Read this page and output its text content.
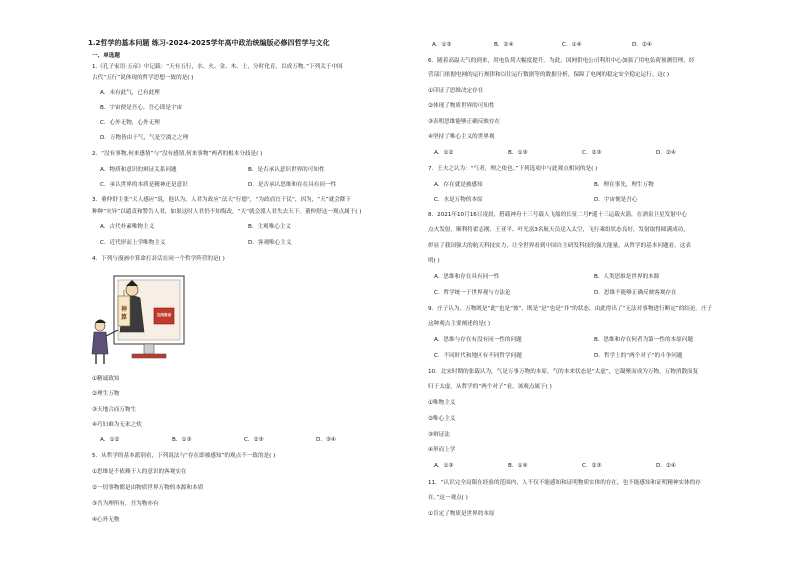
1.2哲学的基本问题 练习-2024-2025学年高中政治统编版必修四哲学与文化
一、单选题
1.《孔子家语·五帝》中记载：“天有五行，水、火、金、木、土，分时化育，以成万物。”下列关于中国
古代“五行”说体现的哲学思想一致的是( )
A．未有此气，已有此理
B．宇宙便是吾心，吾心即是宇宙
C．心外无物，心外无理
D．万物皆由于气，气是空淌之之理
2．“没有事物,何来感情”与“没有感情,何来事物”两者的根本分歧是( )
A．物质和意识的辩证关系问题	B．是否承认意识世界的可知性
C．承认世界的本质是精神还是意识	D．是否承认思维和存在具有同一性
3．董仲舒主张“天人感应”说，他认为，人君为政应“法天”行德”，“为政而宜于民”，因为，“天”就会降下
种种“灾异”以谴责和警告人君，如果这时人君仍不知悔改，“天”就会派人君失去天下。董仲舒这一观点属于( )
A．古代朴素唯物主义	B．主观唯心主义
C．近代形而上学唯物主义	D．客观唯心主义
4．下列与漫画中算命打卦活在同一个哲学阵营的是( )
神
算	在线算命
①精诚致知
②理生万物
③天地合而万物生
④巧妇难为无米之炊
A．①②	B．①③	C．②③	D．③④
5．从哲学的基本派别看，下列说法与“存在即被感知”的观点不一致的是( )
①思维是不依赖于人的意识的客观实在
②一切事物都是由物质世界万物的本源和本质
③吾为理所有，吾为物亦有
④心外无物
A．①③	B．②④	C．①④	D．②④
6．随着高温天气的到来，用电负荷大幅度提升。为此，国网供电公司利用中心加强了用电负荷预测管理，经
营部门依据电网的运行规律和以往运行数据等的数据分析，保障了电网的稳定安全稳定运行。这( )
①印证了思维决定存在
②体现了物质世界的可知性
③表明思维能够正确反映存在
④坚持了唯心主义的世界观
A．①②	B．①③	C．②③	D．②④
7．王夫之认为：“气者，理之依也。”下列选项中与此观点相同的是( )
A．存在就是被感知	B．理在事先，理生万物
C．水是万物的本原	D．宇宙便是吾心
8．2021年10月16日凌晨，搭载神舟十三号载人飞船的长征二号F遥十三运载火箭，在酒泉卫星发射中心
点火发射，顺利将翟志刚、王亚平、叶光富3名航天员送入太空，飞行乘组状态良好，发射取得圆满成功，
彰显了我国强大的航天科技实力，让全世界看到中国自主研发科技的强大能量，从哲学的基本问题看，这表
明( )
A．思维和存在具有同一性	B．人类思维是世界的本源
C．哲学统一于世界观与方法论	D．思维不能够正确反映客观存在
9．庄子认为，万物既是“此”也是“彼”，既是“是”也是“非”的状态，由此得出了“无法对事物进行断定”的结论。庄子
这种观点主要阐述的是( )
A．思维与存在有没有同一性的问题	B．思维和存在何者为第一性的本原问题
C．不同时代和地区有不同哲学问题	D．哲学上的“两个对子”的斗争问题
10．北宋时期的张载认为，气是万事万物的本原，气的本来状态是“太虚”，它凝聚而成为万物，万物消散而复
归于太虚。从哲学的“两个对子”看，该观点属于( )
①唯物主义
②唯心主义
③辩证法
④形而上学
A．①③	B．①④	C．②③	D．②④
11．“认识完全局限在经验的范围内，人不仅不能感知和证明物质实体的存在，也不能感知和证明精神实体的存
在。”这一观点( )
①肯定了物质是世界的本原
